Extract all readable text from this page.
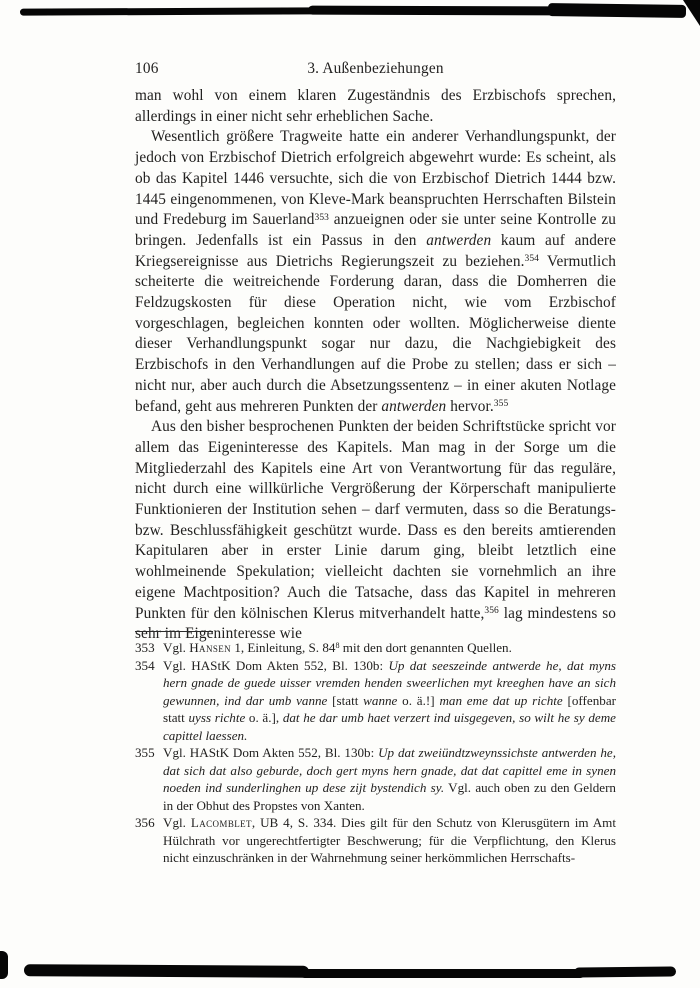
106	3. Außenbeziehungen

man wohl von einem klaren Zugeständnis des Erzbischofs sprechen, allerdings in einer nicht sehr erheblichen Sache.

Wesentlich größere Tragweite hatte ein anderer Verhandlungspunkt, der jedoch von Erzbischof Dietrich erfolgreich abgewehrt wurde: Es scheint, als ob das Kapitel 1446 versuchte, sich die von Erzbischof Dietrich 1444 bzw. 1445 eingenommenen, von Kleve-Mark beanspruchten Herrschaften Bilstein und Fredeburg im Sauerland$^{353}$ anzueignen oder sie unter seine Kontrolle zu bringen. Jedenfalls ist ein Passus in den antwerden kaum auf andere Kriegsereignisse aus Dietrichs Regierungszeit zu beziehen.$^{354}$ Vermutlich scheiterte die weitreichende Forderung daran, dass die Domherren die Feldzugskosten für diese Operation nicht, wie vom Erzbischof vorgeschlagen, begleichen konnten oder wollten. Möglicherweise diente dieser Verhandlungspunkt sogar nur dazu, die Nachgiebigkeit des Erzbischofs in den Verhandlungen auf die Probe zu stellen; dass er sich – nicht nur, aber auch durch die Absetzungssentenz – in einer akuten Notlage befand, geht aus mehreren Punkten der antwerden hervor.$^{355}$

Aus den bisher besprochenen Punkten der beiden Schriftstücke spricht vor allem das Eigeninteresse des Kapitels. Man mag in der Sorge um die Mitgliederzahl des Kapitels eine Art von Verantwortung für das reguläre, nicht durch eine willkürliche Vergrößerung der Körperschaft manipulierte Funktionieren der Institution sehen – darf vermuten, dass so die Beratungs- bzw. Beschlussfähigkeit geschützt wurde. Dass es den bereits amtierenden Kapitularen aber in erster Linie darum ging, bleibt letztlich eine wohlmeinende Spekulation; vielleicht dachten sie vornehmlich an ihre eigene Machtposition? Auch die Tatsache, dass das Kapitel in mehreren Punkten für den kölnischen Klerus mitverhandelt hatte,$^{356}$ lag mindestens so sehr im Eigeninteresse wie

353 Vgl. Hansen 1, Einleitung, S. $84^8$ mit den dort genannten Quellen.
354 Vgl. HAStK Dom Akten 552, Bl. 130b: Up dat seeszeinde antwerde he, dat myns hern gnade de guede uisser vremden henden sweerlichen myt kreeghen have an sich gewunnen, ind dar umb vanne [statt wanne o. ä.!] man eme dat up richte [offenbar statt uyss richte o. ä.], dat he dar umb haet verzert ind uisgegeven, so wilt he sy deme capittel laessen.
355 Vgl. HAStK Dom Akten 552, Bl. 130b: Up dat zweiündtzweynssichste antwerden he, dat sich dat also geburde, doch gert myns hern gnade, dat dat capittel eme in synen noeden ind sunderlinghen up dese zijt bystendich sy. Vgl. auch oben zu den Geldern in der Obhut des Propstes von Xanten.
356 Vgl. Lacomblet, UB 4, S. 334. Dies gilt für den Schutz von Klerusgütern im Amt Hülchrath vor ungerechtfertigter Beschwerung; für die Verpflichtung, den Klerus nicht einzuschränken in der Wahrnehmung seiner herkömmlichen Herrschafts-
